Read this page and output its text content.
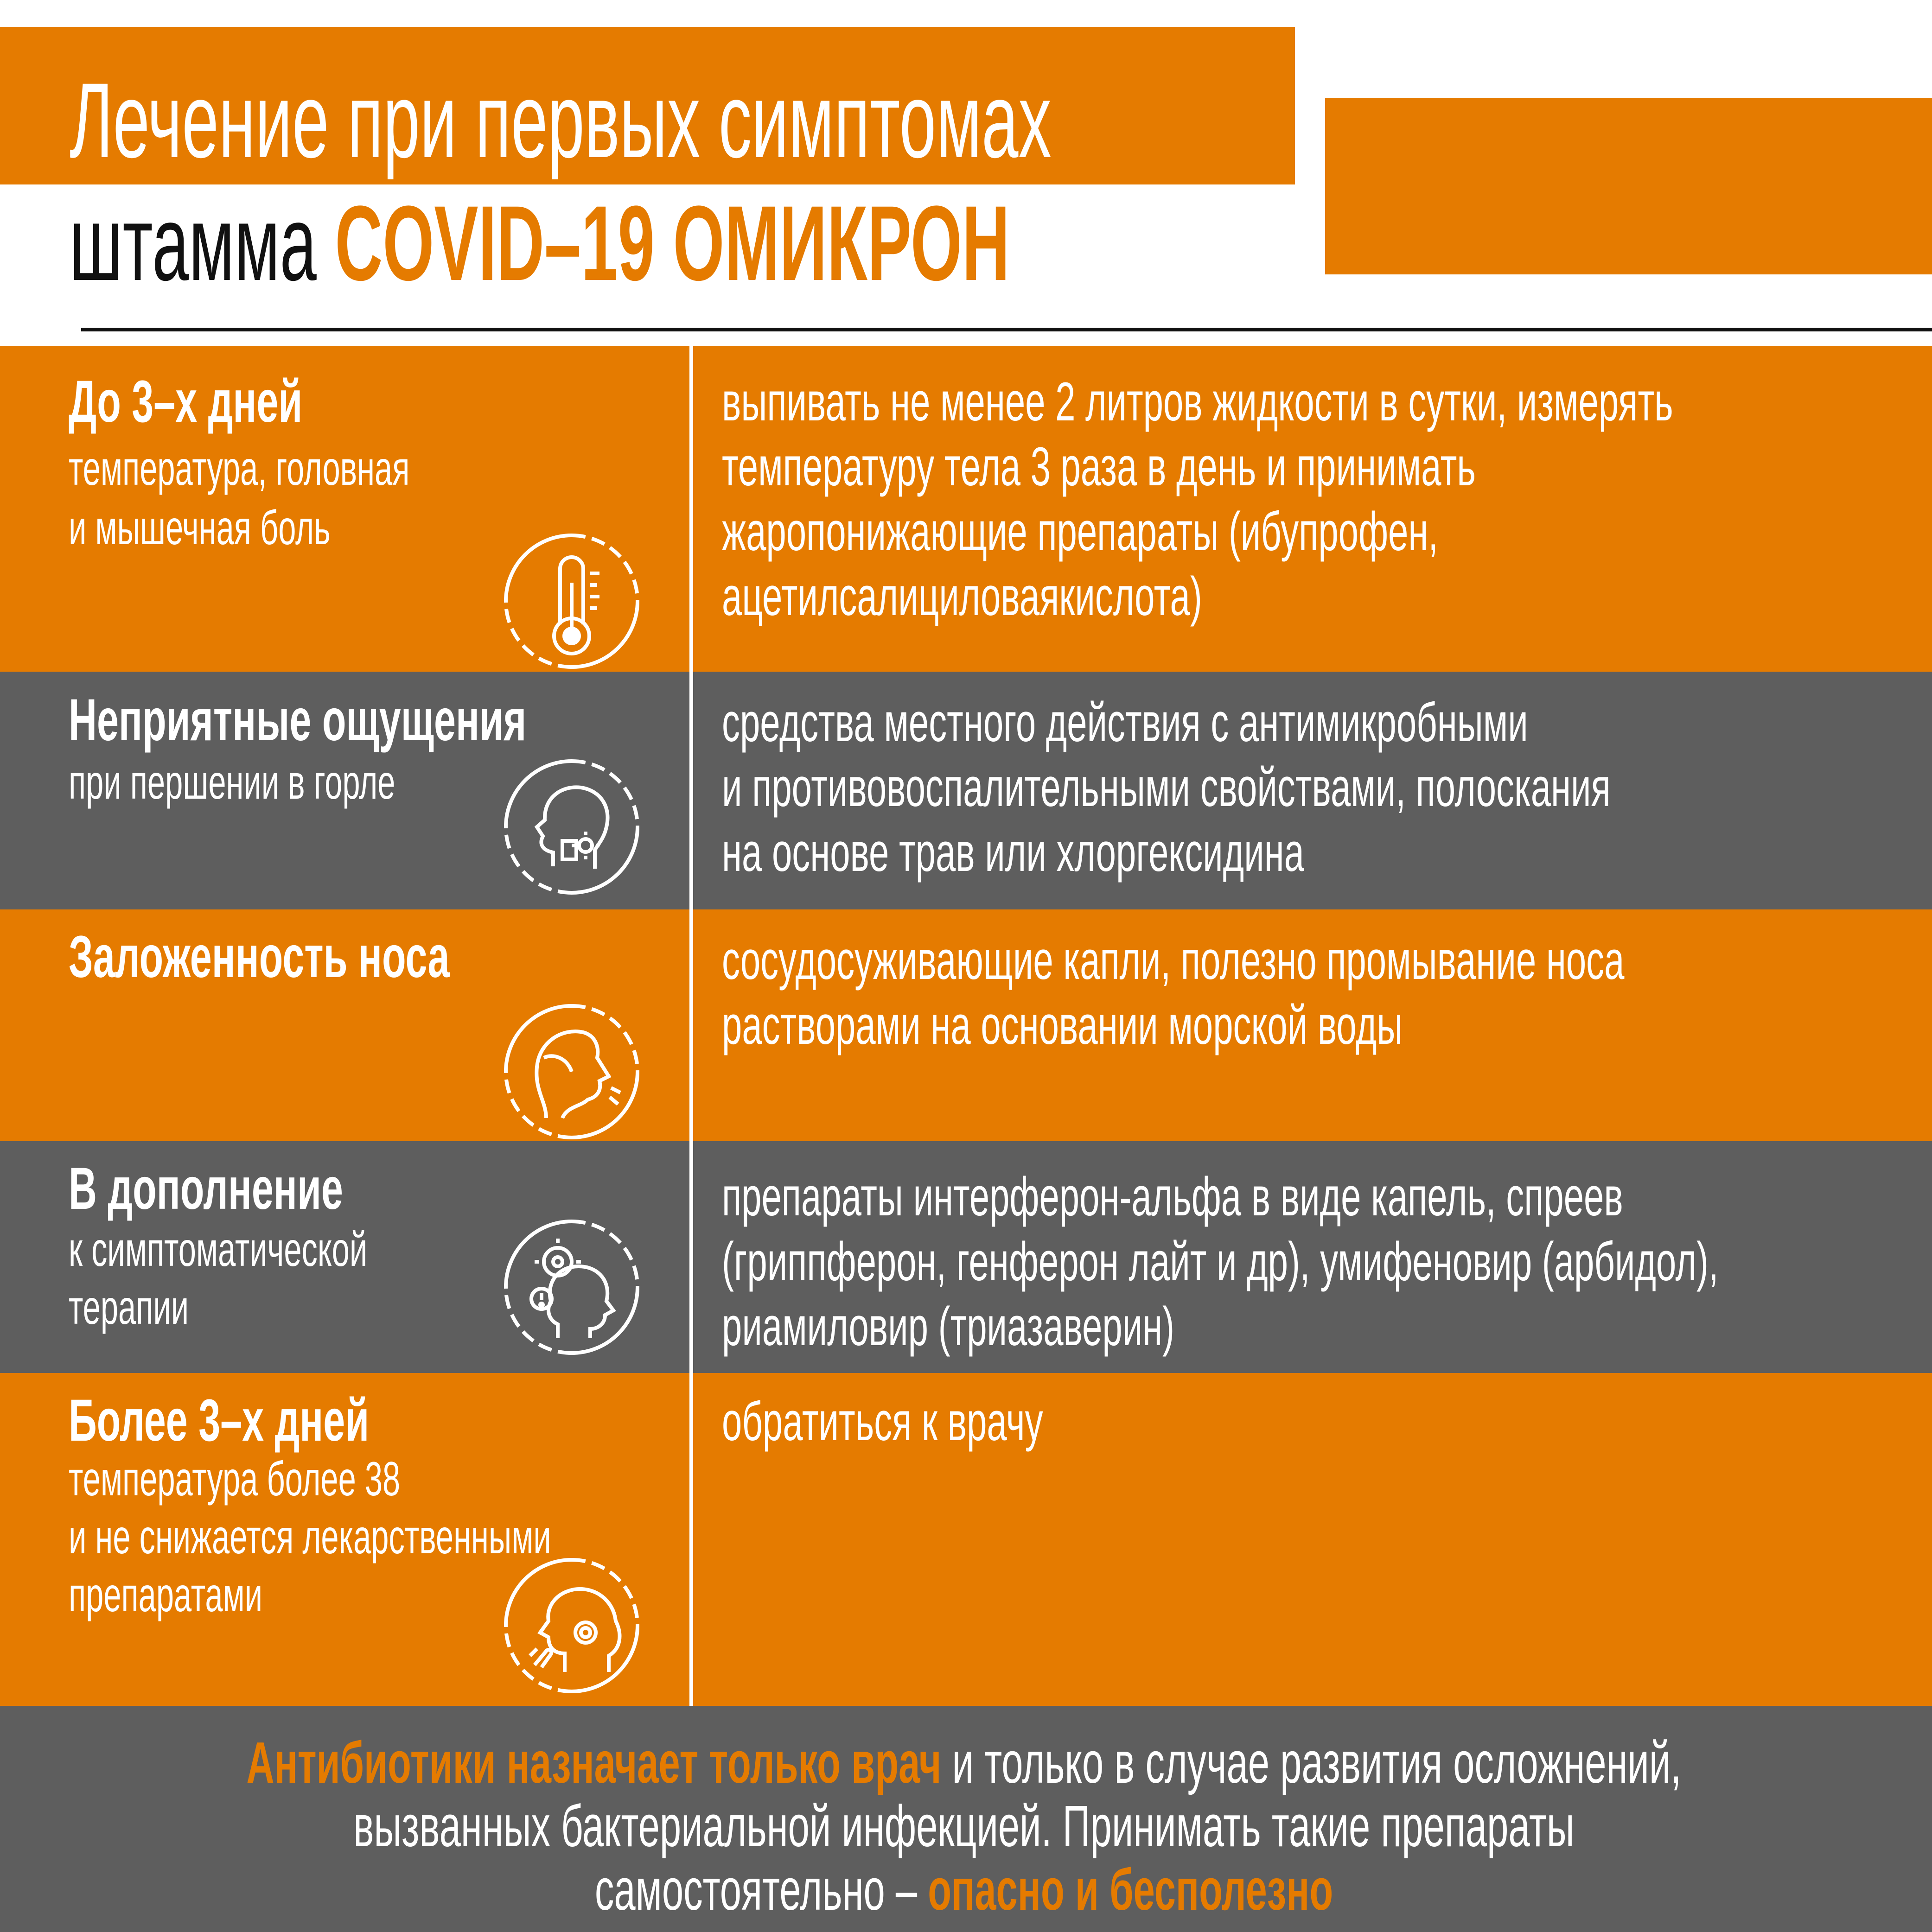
Лечение при первых симптомах
штамма COVID–19 ОМИКРОН
До 3–х дней
температура, головная
и мышечная боль
выпивать не менее 2 литров жидкости в сутки, измерять
температуру тела 3 раза в день и принимать
жаропонижающие препараты (ибупрофен,
ацетилсалициловаякислота)
Неприятные ощущения
при першении в горле
средства местного действия с антимикробными
и противовоспалительными свойствами, полоскания
на основе трав или хлоргексидина
Заложенность носа	сосудосуживающие капли, полезно промывание носа
растворами на основании морской воды
В дополнение
к симптоматической
терапии
препараты интерферон-альфа в виде капель, спреев
(гриппферон, генферон лайт и др), умифеновир (арбидол),
риамиловир (триазаверин)
Более 3–х дней
температура более 38
и не снижается лекарственными
препаратами
обратиться к врачу
Антибиотики назначает только врач и только в случае развития осложнений,
вызванных бактериальной инфекцией. Принимать такие препараты
самостоятельно – опасно и бесполезно
